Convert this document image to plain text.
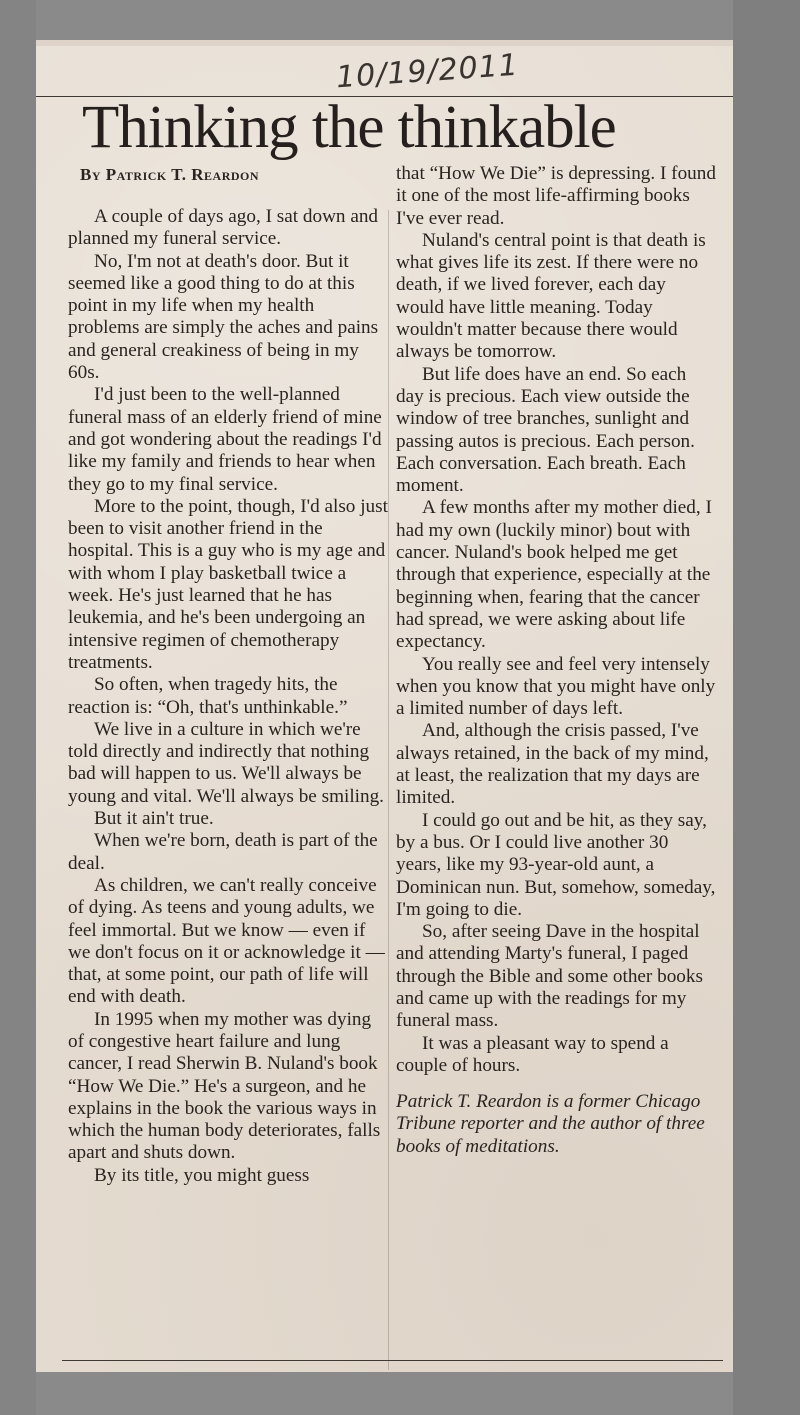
10/19/2011
Thinking the thinkable
By Patrick T. Reardon

A couple of days ago, I sat down and planned my funeral service.

No, I'm not at death's door. But it seemed like a good thing to do at this point in my life when my health problems are simply the aches and pains and general creakiness of being in my 60s.

I'd just been to the well-planned funeral mass of an elderly friend of mine and got wondering about the readings I'd like my family and friends to hear when they go to my final service.

More to the point, though, I'd also just been to visit another friend in the hospital. This is a guy who is my age and with whom I play basketball twice a week. He's just learned that he has leukemia, and he's been undergoing an intensive regimen of chemotherapy treatments.

So often, when tragedy hits, the reaction is: “Oh, that's unthinkable.”

We live in a culture in which we're told directly and indirectly that nothing bad will happen to us. We'll always be young and vital. We'll always be smiling.

But it ain't true.

When we're born, death is part of the deal.

As children, we can't really conceive of dying. As teens and young adults, we feel immortal. But we know — even if we don't focus on it or acknowledge it — that, at some point, our path of life will end with death.

In 1995 when my mother was dying of congestive heart failure and lung cancer, I read Sherwin B. Nuland's book “How We Die.” He's a surgeon, and he explains in the book the various ways in which the human body deteriorates, falls apart and shuts down.

By its title, you might guess

that “How We Die” is depressing. I found it one of the most life-affirming books I've ever read.

Nuland's central point is that death is what gives life its zest. If there were no death, if we lived forever, each day would have little meaning. Today wouldn't matter because there would always be tomorrow.

But life does have an end. So each day is precious. Each view outside the window of tree branches, sunlight and passing autos is precious. Each person. Each conversation. Each breath. Each moment.

A few months after my mother died, I had my own (luckily minor) bout with cancer. Nuland's book helped me get through that experience, especially at the beginning when, fearing that the cancer had spread, we were asking about life expectancy.

You really see and feel very intensely when you know that you might have only a limited number of days left.

And, although the crisis passed, I've always retained, in the back of my mind, at least, the realization that my days are limited.

I could go out and be hit, as they say, by a bus. Or I could live another 30 years, like my 93-year-old aunt, a Dominican nun. But, somehow, someday, I'm going to die.

So, after seeing Dave in the hospital and attending Marty's funeral, I paged through the Bible and some other books and came up with the readings for my funeral mass.

It was a pleasant way to spend a couple of hours.

Patrick T. Reardon is a former Chicago Tribune reporter and the author of three books of meditations.
